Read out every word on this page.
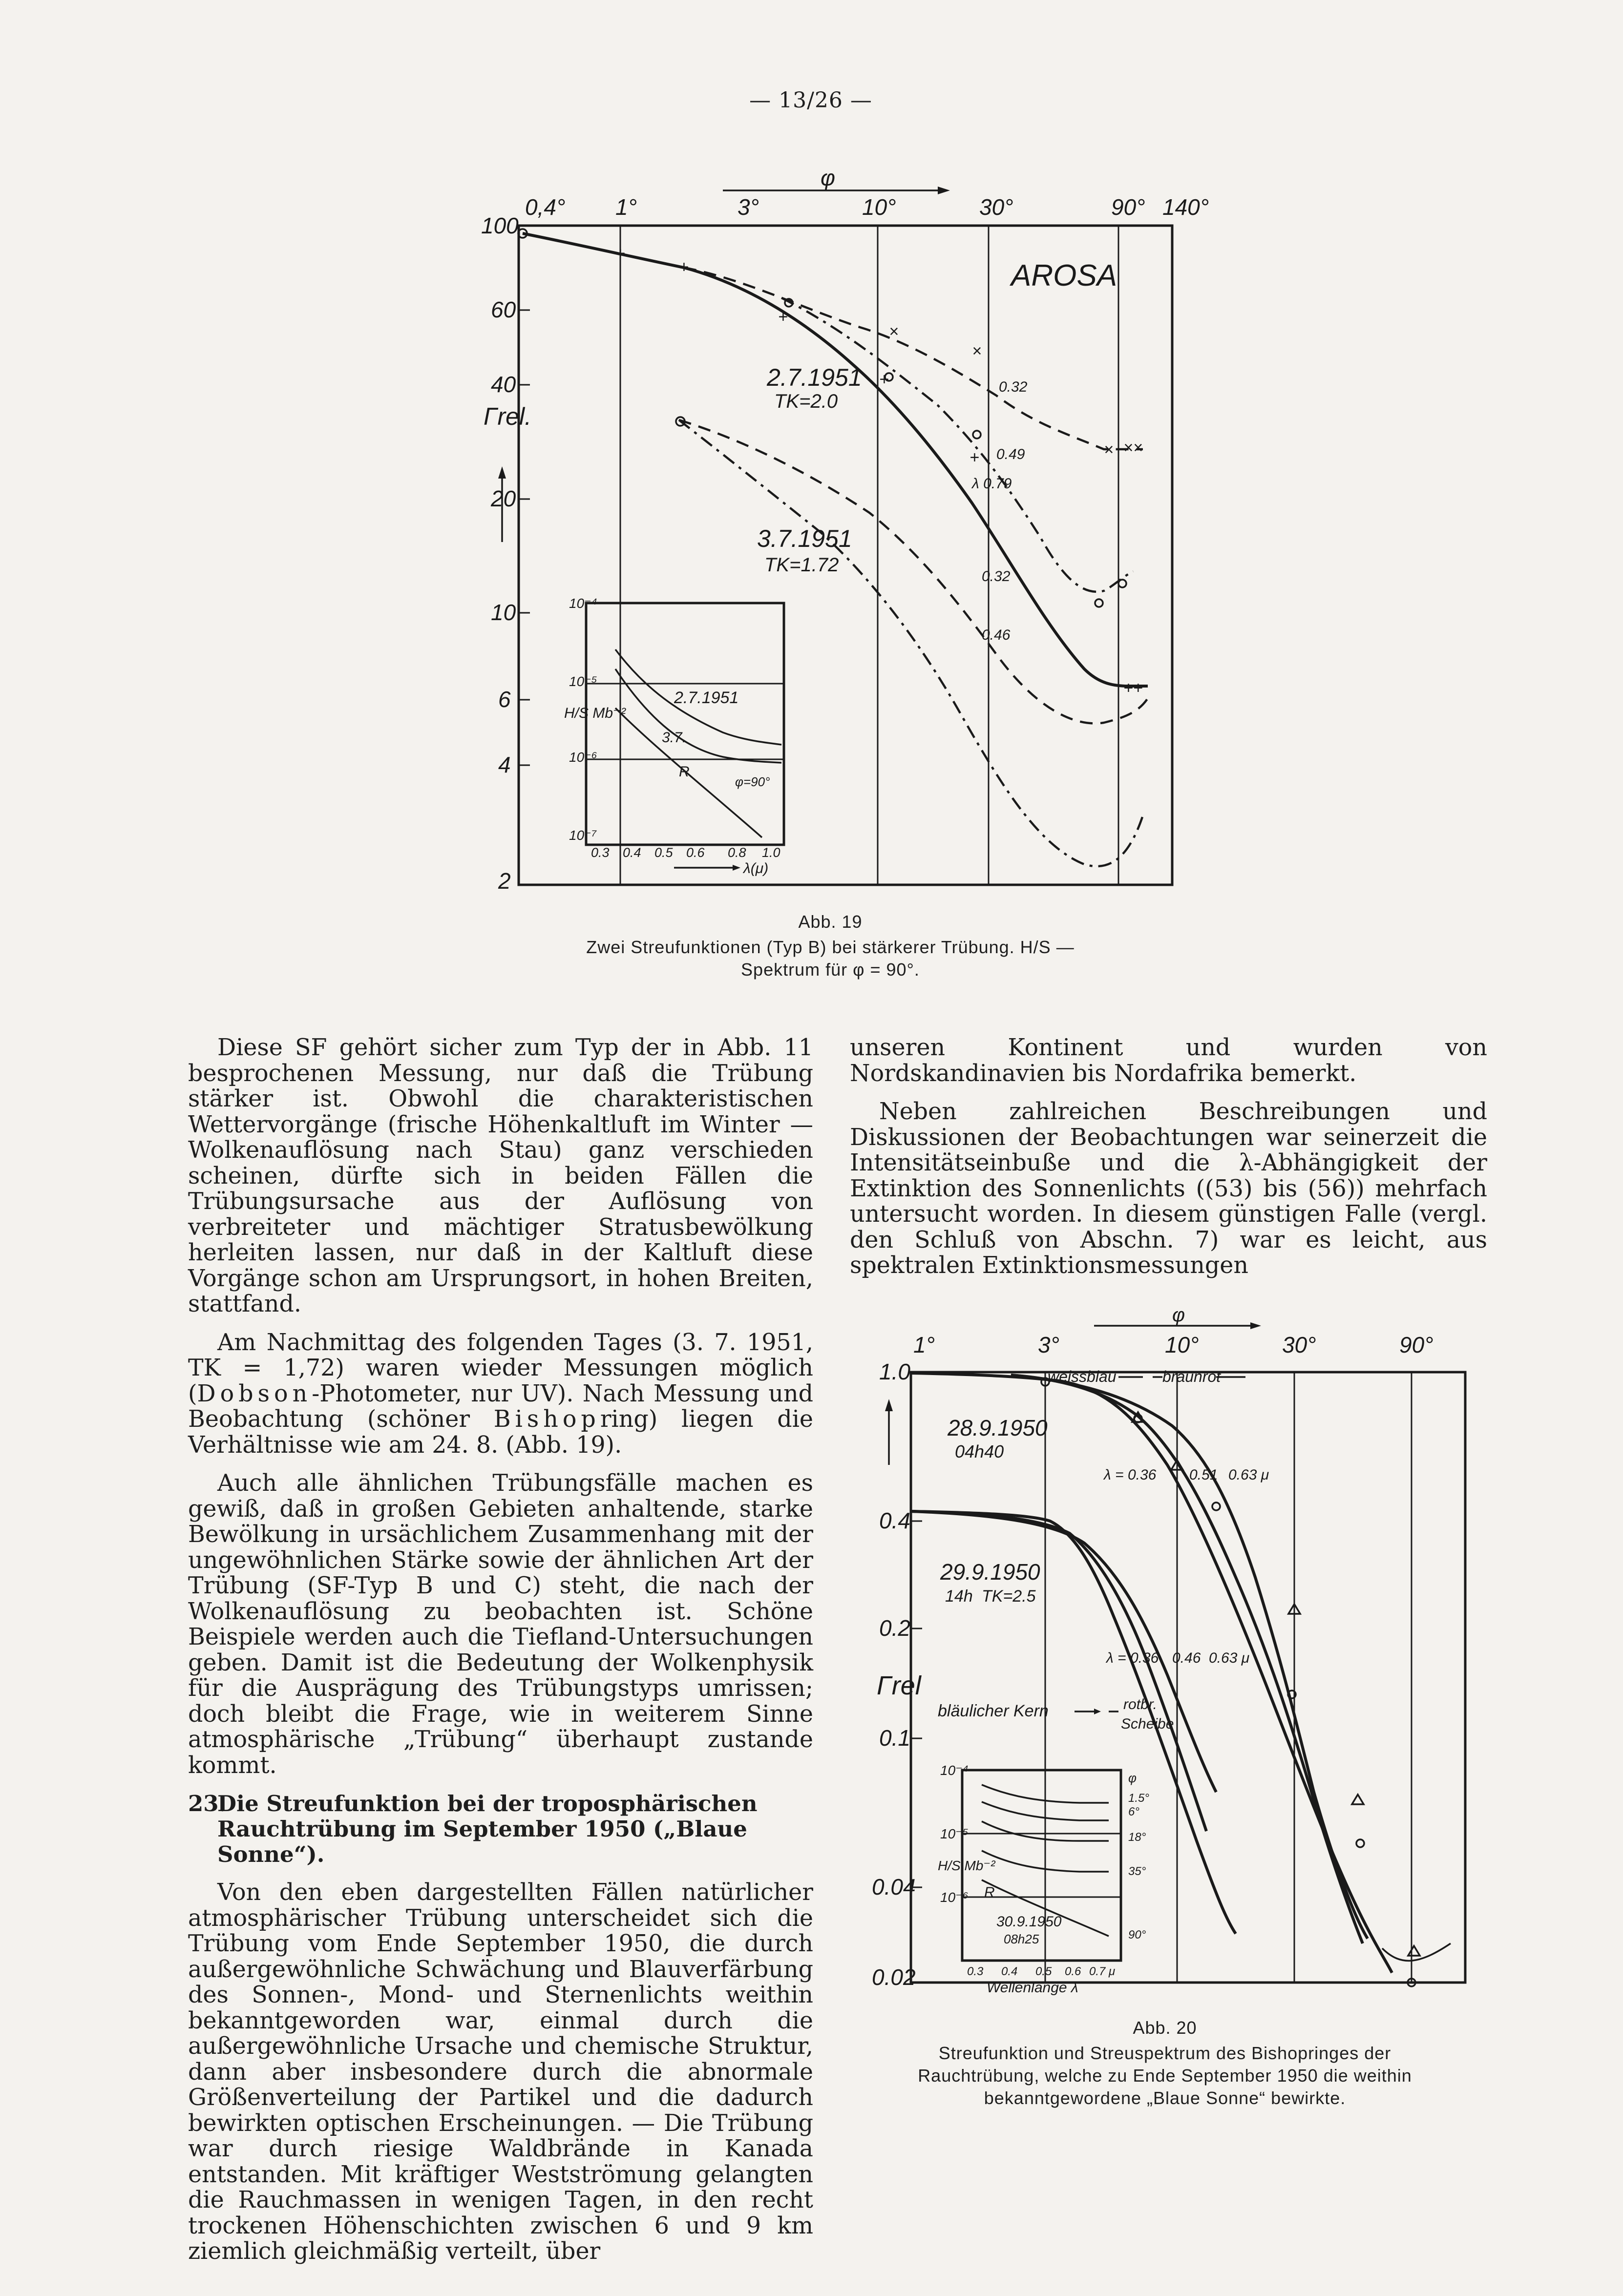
— 13/26 —
0,4° 1°	3°	10°	30°	90° 140°
φ
100
60
40
20
10
6
4
2
Γrel.
AROSA
+
+
+
+
+
++
×
×
× ××
2.7.1951
TK=2.0
3.7.1951
TK=1.72
0.32
0.49
λ 0.79
0.32
0.46
10⁻⁴
10⁻⁵
10⁻⁶
10⁻⁷
H/S Mb⁻²
0.3 0.4 0.5 0.6 0.8 1.0
λ(μ)
2.7.1951
3.7.
R
φ=90°
Abb. 19
Zwei Streufunktionen (Typ B) bei stärkerer Trübung. H/S —
Spektrum für φ = 90°.

Diese SF gehört sicher zum Typ der in Abb. 11 besprochenen Messung, nur daß die Trübung stärker ist. Obwohl die charakteristischen Wettervorgänge (frische Höhenkaltluft im Winter — Wolkenauflösung nach Stau) ganz verschieden scheinen, dürfte sich in beiden Fällen die Trübungsursache aus der Auflösung von verbreiteter und mächtiger Stratusbewölkung herleiten lassen, nur daß in der Kaltluft diese Vorgänge schon am Ursprungsort, in hohen Breiten, stattfand.

Am Nachmittag des folgenden Tages (3. 7. 1951, TK = 1,72) waren wieder Messungen möglich (Dobson-Photometer, nur UV). Nach Messung und Beobachtung (schöner Bishopring) liegen die Verhältnisse wie am 24. 8. (Abb. 19).

Auch alle ähnlichen Trübungsfälle machen es gewiß, daß in großen Gebieten anhaltende, starke Bewölkung in ursächlichem Zusammenhang mit der ungewöhnlichen Stärke sowie der ähnlichen Art der Trübung (SF-Typ B und C) steht, die nach der Wolkenauflösung zu beobachten ist. Schöne Beispiele werden auch die Tiefland-Untersuchungen geben. Damit ist die Bedeutung der Wolkenphysik für die Ausprägung des Trübungstyps umrissen; doch bleibt die Frage, wie in weiterem Sinne atmosphärische „Trübung“ überhaupt zustande kommt.

23.Die Streufunktion bei der troposphärischen Rauchtrübung im September 1950 („Blaue Sonne“).

Von den eben dargestellten Fällen natürlicher atmosphärischer Trübung unterscheidet sich die Trübung vom Ende September 1950, die durch außergewöhnliche Schwächung und Blauverfärbung des Sonnen-, Mond- und Sternenlichts weithin bekanntgeworden war, einmal durch die außergewöhnliche Ursache und chemische Struktur, dann aber insbesondere durch die abnormale Größenverteilung der Partikel und die dadurch bewirkten optischen Erscheinungen. — Die Trübung war durch riesige Waldbrände in Kanada entstanden. Mit kräftiger Westströmung gelangten die Rauchmassen in wenigen Tagen, in den recht trockenen Höhenschichten zwischen 6 und 9 km ziemlich gleichmäßig verteilt, über

unseren Kontinent und wurden von Nordskandinavien bis Nordafrika bemerkt.

Neben zahlreichen Beschreibungen und Diskussionen der Beobachtungen war seinerzeit die Intensitätseinbuße und die λ-Abhängigkeit der Extinktion des Sonnenlichts ((53) bis (56)) mehrfach untersucht worden. In diesem günstigen Falle (vergl. den Schluß von Abschn. 7) war es leicht, aus spektralen Extinktionsmessungen

1°	3°	10°	30°	90°
φ
1.0
0.4
0.2
0.1
0.04
0.02
Γrel
weissblau	braunrot
28.9.1950
04h40
λ = 0.36 0.51 0.63 μ
29.9.1950
14h TK=2.5
λ = 0.36 0.46 0.63 μ
bläulicher Kern	rotbr.
Scheibe
10⁻⁴
10⁻⁵
10⁻⁶
H/S Mb⁻²
0.3 0.4 0.5 0.6 0.7 μ
Wellenlänge λ
R
30.9.1950
08h25
φ
1.5°
6°
18°
35°
90°
Abb. 20
Streufunktion und Streuspektrum des Bishopringes der
Rauchtrübung, welche zu Ende September 1950 die weithin
bekanntgewordene „Blaue Sonne“ bewirkte.
